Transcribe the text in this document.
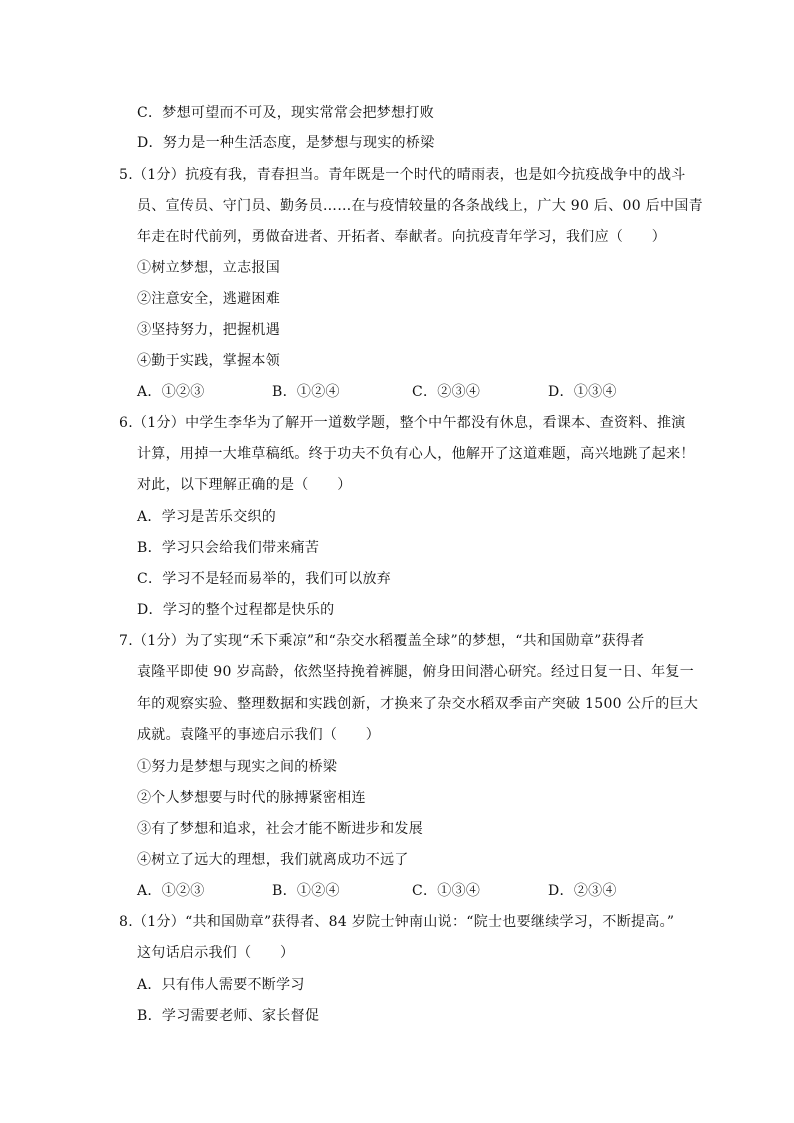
C．梦想可望而不可及，现实常常会把梦想打败
D．努力是一种生活态度，是梦想与现实的桥梁
5.（1分）抗疫有我，青春担当。青年既是一个时代的晴雨表，也是如今抗疫战争中的战斗
员、宣传员、守门员、勤务员……在与疫情较量的各条战线上，广大 90 后、00 后中国青
年走在时代前列，勇做奋进者、开拓者、奉献者。向抗疫青年学习，我们应（　　）
①树立梦想，立志报国
②注意安全，逃避困难
③坚持努力，把握机遇
④勤于实践，掌握本领
A．①②③	B．①②④	C．②③④	D．①③④
6.（1分）中学生李华为了解开一道数学题，整个中午都没有休息，看课本、查资料、推演
计算，用掉一大堆草稿纸。终于功夫不负有心人，他解开了这道难题，高兴地跳了起来！
对此，以下理解正确的是（　　）
A．学习是苦乐交织的
B．学习只会给我们带来痛苦
C．学习不是轻而易举的，我们可以放弃
D．学习的整个过程都是快乐的
7.（1分）为了实现“禾下乘凉”和“杂交水稻覆盖全球”的梦想，“共和国勋章”获得者
袁隆平即使 90 岁高龄，依然坚持挽着裤腿，俯身田间潜心研究。经过日复一日、年复一
年的观察实验、整理数据和实践创新，才换来了杂交水稻双季亩产突破 1500 公斤的巨大
成就。袁隆平的事迹启示我们（　　）
①努力是梦想与现实之间的桥梁
②个人梦想要与时代的脉搏紧密相连
③有了梦想和追求，社会才能不断进步和发展
④树立了远大的理想，我们就离成功不远了
A．①②③	B．①②④	C．①③④	D．②③④
8.（1分）“共和国勋章”获得者、84 岁院士钟南山说：“院士也要继续学习，不断提高。”
这句话启示我们（　　）
A．只有伟人需要不断学习
B．学习需要老师、家长督促
